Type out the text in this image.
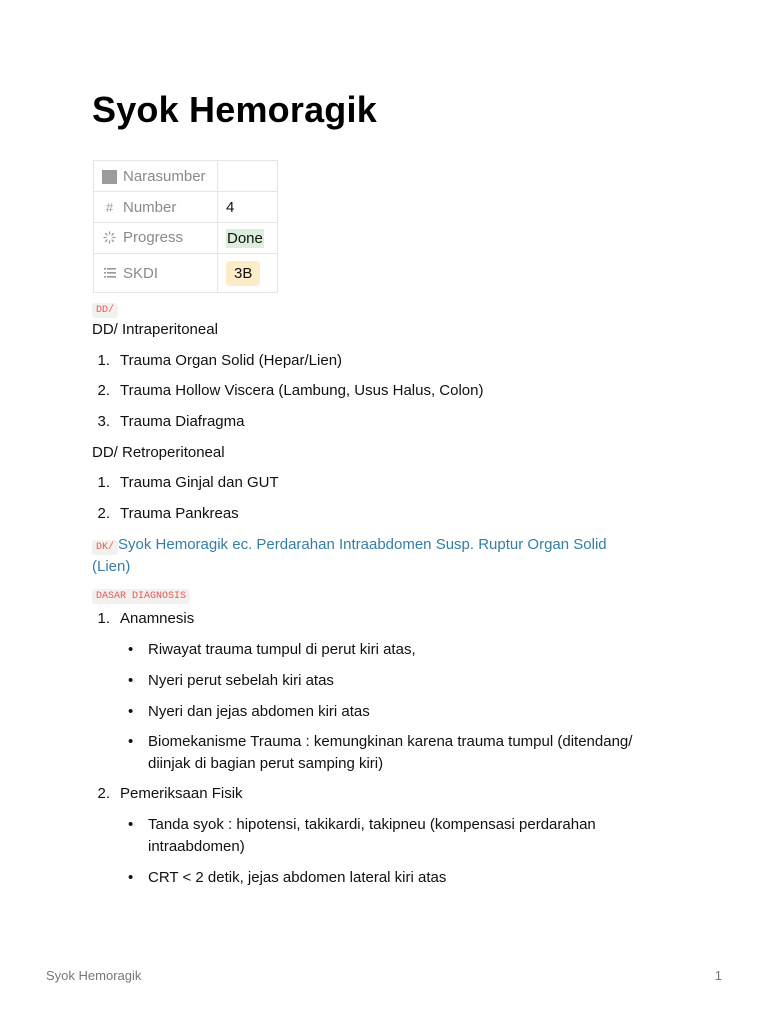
Syok Hemoragik
Narasumber	
# Number	4
Progress	Done
SKDI	3B
DD/
DD/ Intraperitoneal
1. Trauma Organ Solid (Hepar/Lien)
2. Trauma Hollow Viscera (Lambung, Usus Halus, Colon)
3. Trauma Diafragma
DD/ Retroperitoneal
1. Trauma Ginjal dan GUT
2. Trauma Pankreas
DK/ Syok Hemoragik ec. Perdarahan Intraabdomen Susp. Ruptur Organ Solid
(Lien)
DASAR DIAGNOSIS
1. Anamnesis
• Riwayat trauma tumpul di perut kiri atas,
• Nyeri perut sebelah kiri atas
• Nyeri dan jejas abdomen kiri atas
• Biomekanisme Trauma : kemungkinan karena trauma tumpul (ditendang/ diinjak di bagian perut samping kiri)
2. Pemeriksaan Fisik
• Tanda syok : hipotensi, takikardi, takipneu (kompensasi perdarahan intraabdomen)
• CRT < 2 detik, jejas abdomen lateral kiri atas
Syok Hemoragik	1
